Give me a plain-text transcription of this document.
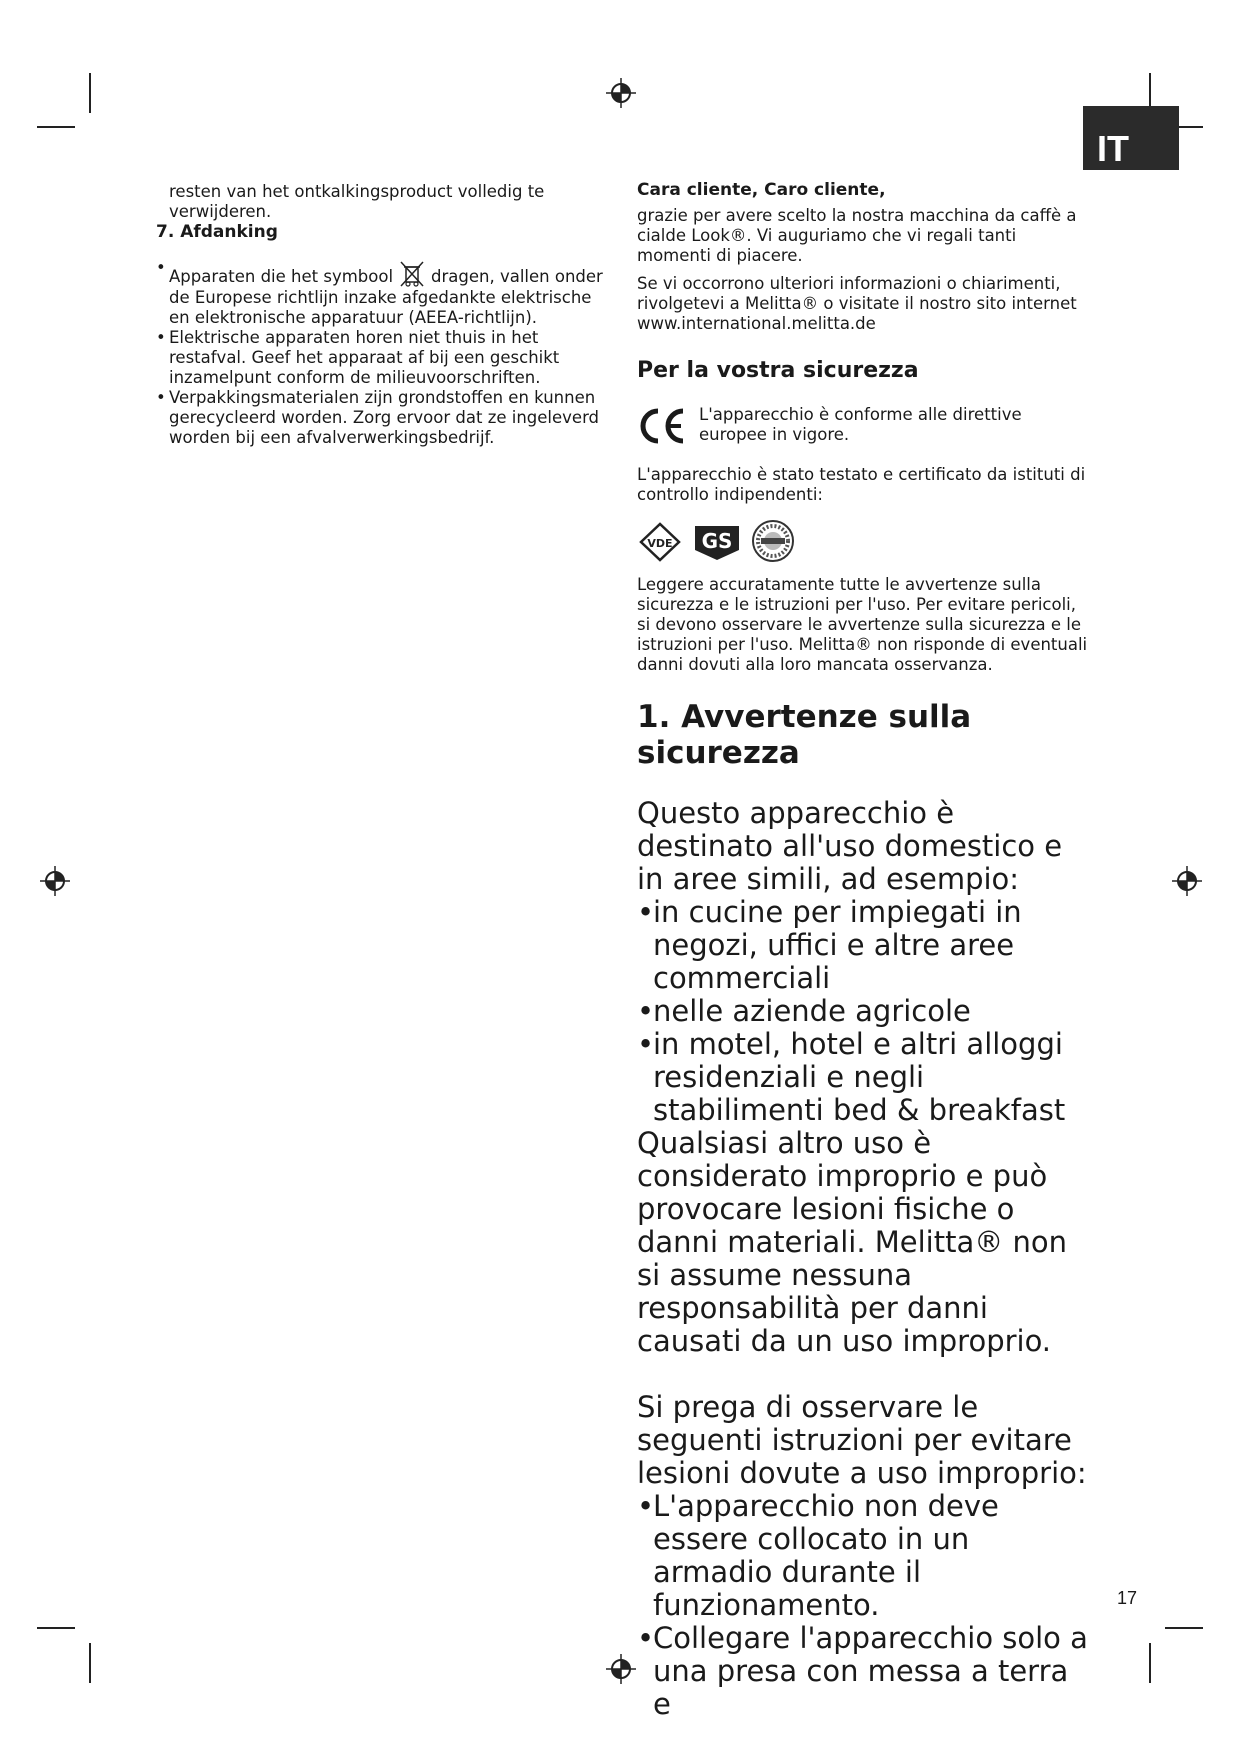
IT

resten van het ontkalkingsproduct volledig te

verwijderen.

7. Afdanking
• Apparaten die het symbool dragen, vallen onder de Europese richtlijn inzake afgedankte elektrische en elektronische apparatuur (AEEA-richtlijn).
• Elektrische apparaten horen niet thuis in het restafval. Geef het apparaat af bij een geschikt inzamelpunt conform de milieuvoorschriften.
• Verpakkingsmaterialen zijn grondstoffen en kunnen gerecycleerd worden. Zorg ervoor dat ze ingeleverd worden bij een afvalverwerkingsbedrijf.
Cara cliente, Caro cliente,

grazie per avere scelto la nostra macchina da caffè a cialde Look®. Vi auguriamo che vi regali tanti momenti di piacere.

Se vi occorrono ulteriori informazioni o chiarimenti, rivolgetevi a Melitta® o visitate il nostro sito internet www.international.melitta.de

Per la vostra sicurezza

L'apparecchio è conforme alle direttive europee in vigore.

L'apparecchio è stato testato e certificato da istituti di controllo indipendenti:

VDE GS

Leggere accuratamente tutte le avvertenze sulla sicurezza e le istruzioni per l'uso. Per evitare pericoli, si devono osservare le avvertenze sulla sicurezza e le istruzioni per l'uso. Melitta® non risponde di eventuali danni dovuti alla loro mancata osservanza.

1. Avvertenze sulla sicurezza

Questo apparecchio è destinato all'uso domestico e in aree simili, ad esempio:

• in cucine per impiegati in negozi, uffici e altre aree commerciali
• nelle aziende agricole
• in motel, hotel e altri alloggi residenziali e negli stabilimenti bed & breakfast

Qualsiasi altro uso è considerato improprio e può provocare lesioni fisiche o danni materiali. Melitta® non si assume nessuna responsabilità per danni causati da un uso improprio.

Si prega di osservare le seguenti istruzioni per evitare lesioni dovute a uso improprio:

• L'apparecchio non deve essere collocato in un armadio durante il funzionamento.
• Collegare l'apparecchio solo a una presa con messa a terra e
17
